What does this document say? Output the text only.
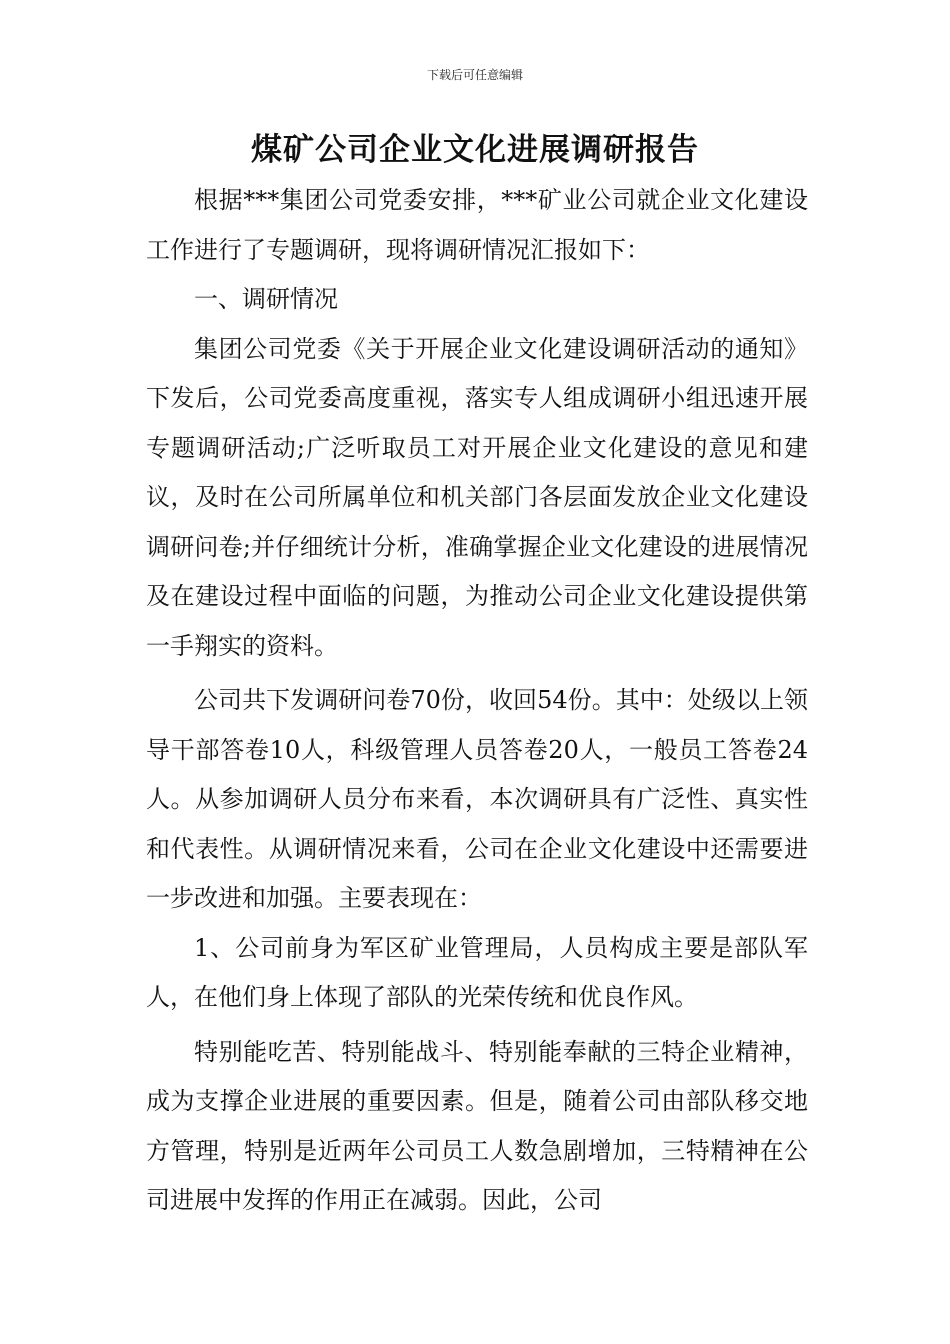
下载后可任意编辑
煤矿公司企业文化进展调研报告

根据***集团公司党委安排，***矿业公司就企业文化建设工作进行了专题调研，现将调研情况汇报如下：

一、调研情况

集团公司党委《关于开展企业文化建设调研活动的通知》下发后，公司党委高度重视，落实专人组成调研小组迅速开展专题调研活动;广泛听取员工对开展企业文化建设的意见和建议，及时在公司所属单位和机关部门各层面发放企业文化建设调研问卷;并仔细统计分析，准确掌握企业文化建设的进展情况及在建设过程中面临的问题，为推动公司企业文化建设提供第一手翔实的资料。

公司共下发调研问卷70份，收回54份。其中：处级以上领导干部答卷10人，科级管理人员答卷20人，一般员工答卷24人。从参加调研人员分布来看，本次调研具有广泛性、真实性和代表性。从调研情况来看，公司在企业文化建设中还需要进一步改进和加强。主要表现在：

1、公司前身为军区矿业管理局，人员构成主要是部队军人，在他们身上体现了部队的光荣传统和优良作风。

特别能吃苦、特别能战斗、特别能奉献的三特企业精神，成为支撑企业进展的重要因素。但是，随着公司由部队移交地方管理，特别是近两年公司员工人数急剧增加，三特精神在公司进展中发挥的作用正在减弱。因此，公司
